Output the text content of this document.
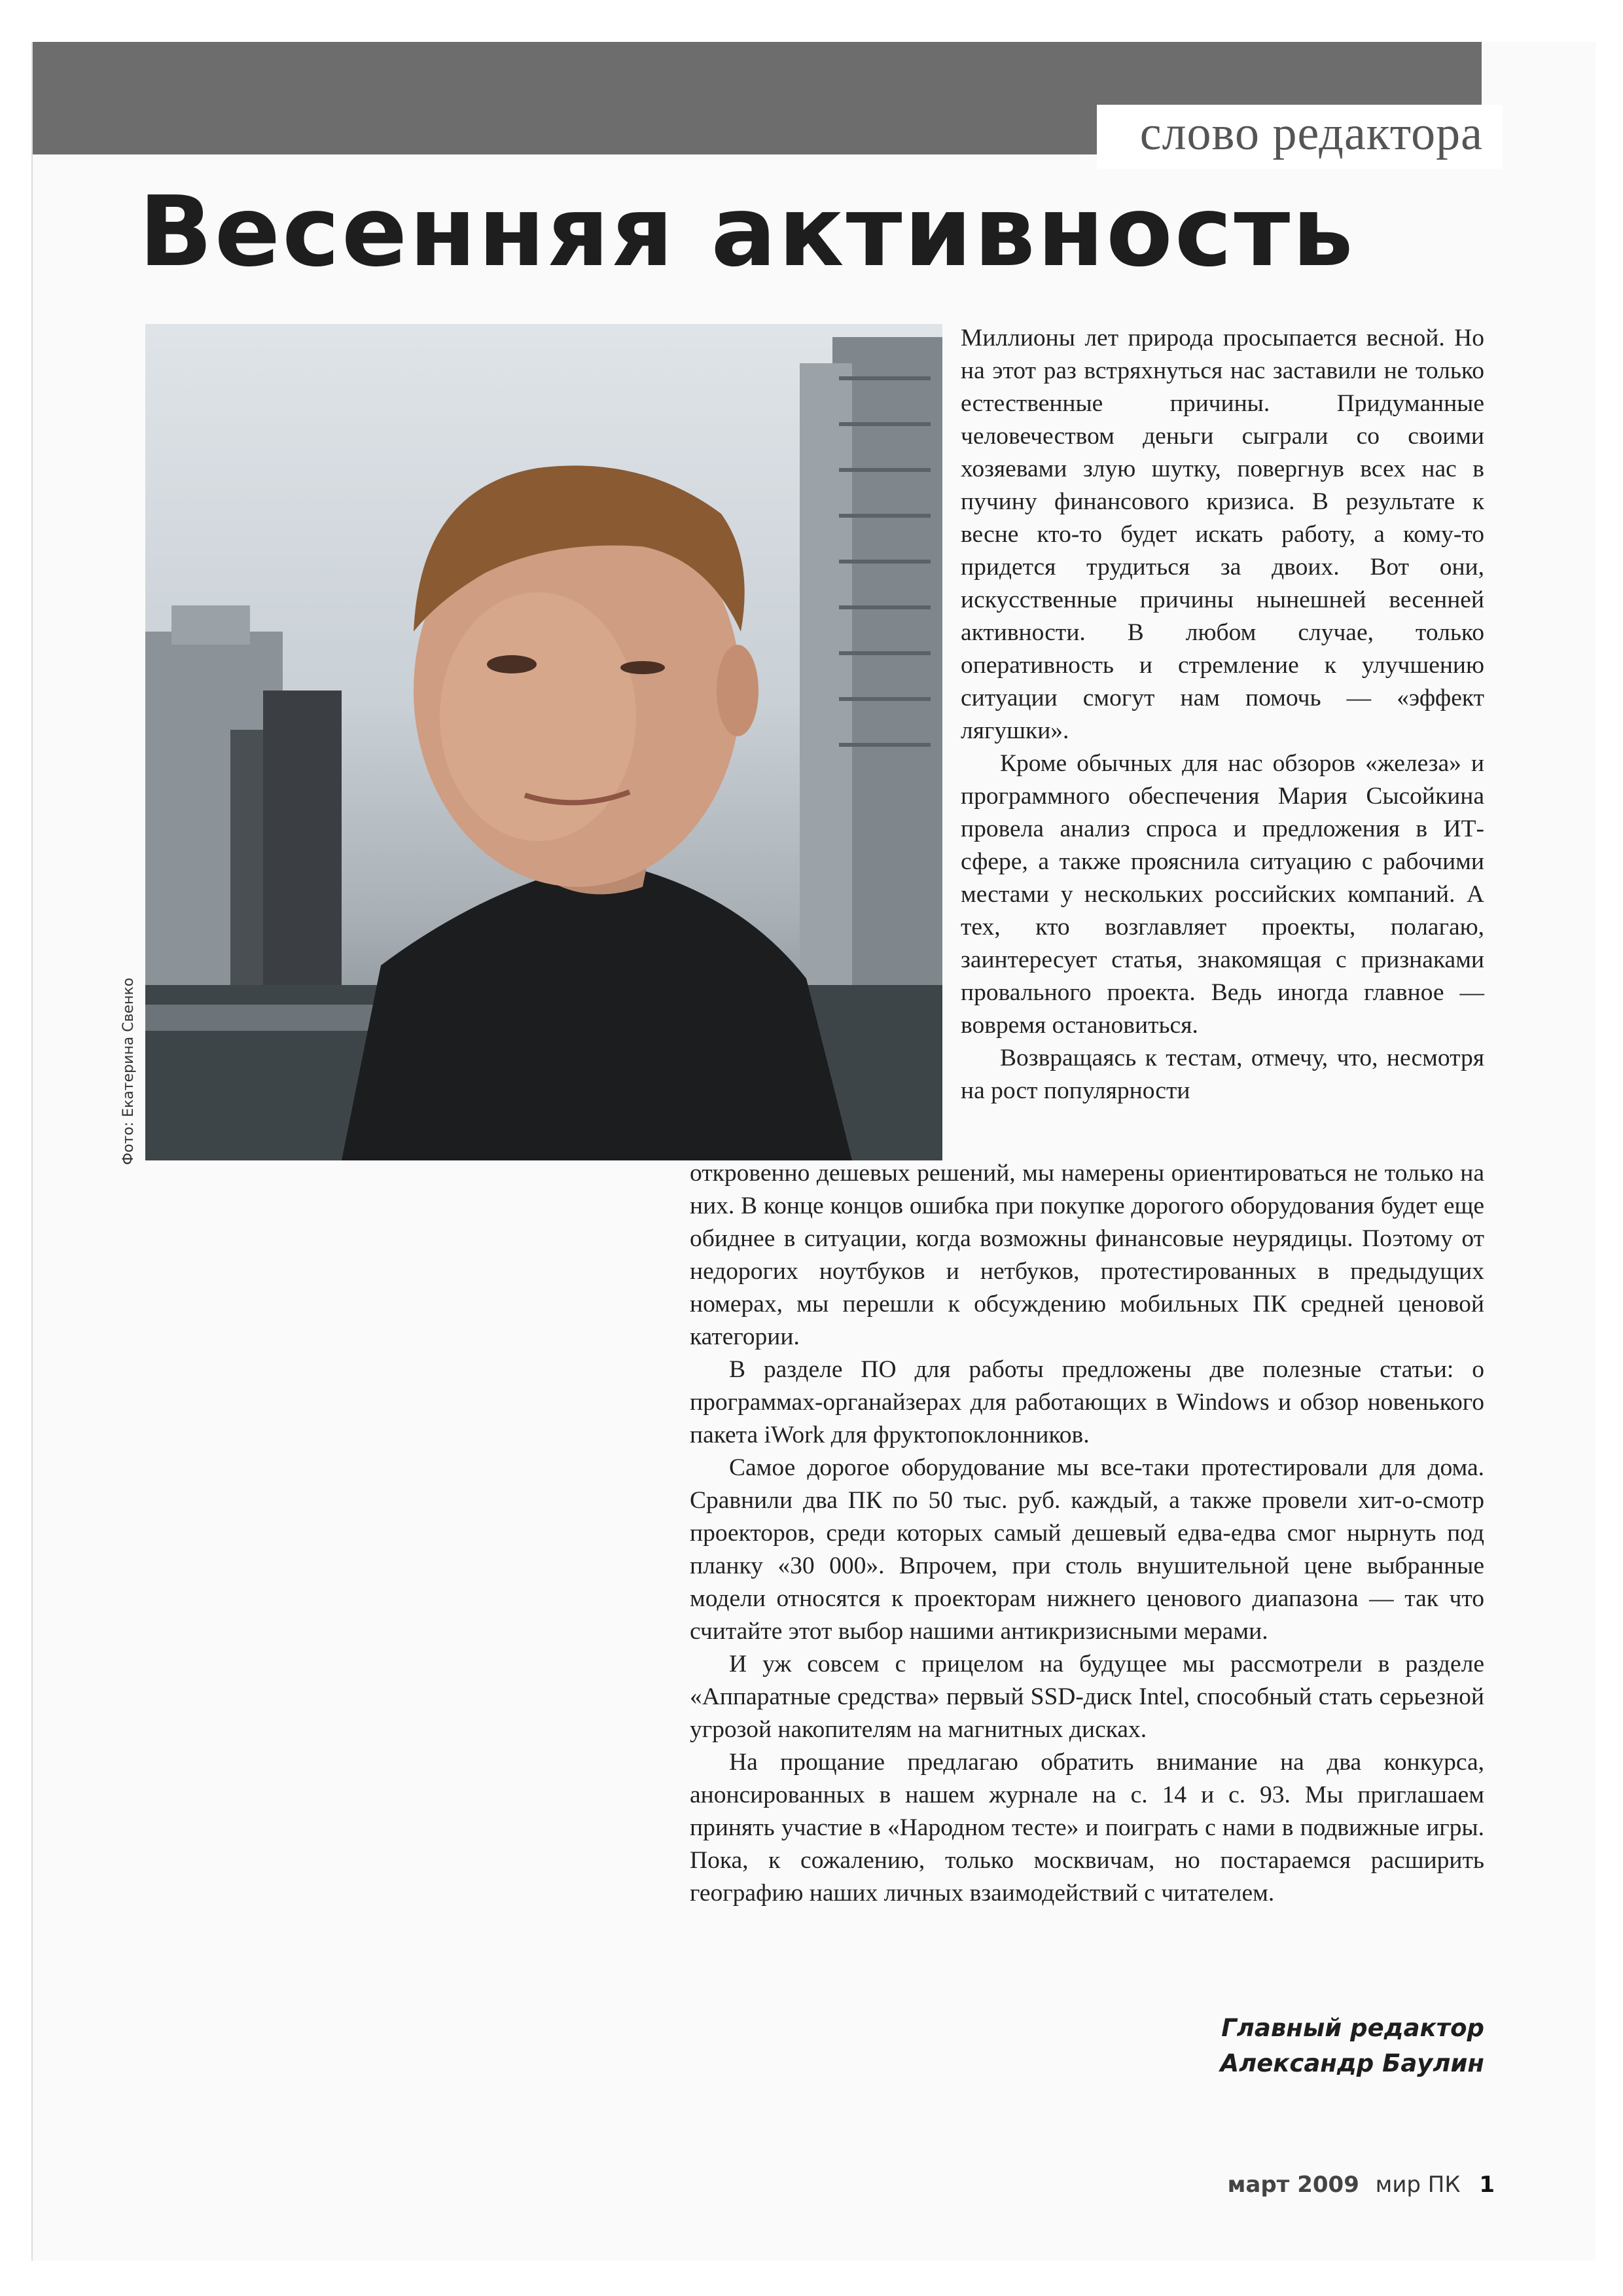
слово редактора
Весенняя активность
Фото: Екатерина Свенко
Миллионы лет природа просыпается весной. Но на этот раз встряхнуться нас заставили не только естественные причины. Придуманные человечеством деньги сыграли со своими хозяевами злую шутку, повергнув всех нас в пучину финансового кризиса. В результате к весне кто-то будет искать работу, а кому-то придется трудиться за двоих. Вот они, искусственные причины нынешней весенней активности. В любом случае, только оперативность и стремление к улучшению ситуации смогут нам помочь — «эффект лягушки».
Кроме обычных для нас обзоров «железа» и программного обеспечения Мария Сысойкина провела анализ спроса и предложения в ИТ-сфере, а также прояснила ситуацию с рабочими местами у нескольких российских компаний. А тех, кто возглавляет проекты, полагаю, заинтересует статья, знакомящая с признаками провального проекта. Ведь иногда главное — вовремя остановиться.
Возвращаясь к тестам, отмечу, что, несмотря на рост популярности
откровенно дешевых решений, мы намерены ориентироваться не только на них. В конце концов ошибка при покупке дорогого оборудования будет еще обиднее в ситуации, когда возможны финансовые неурядицы. Поэтому от недорогих ноутбуков и нетбуков, протестированных в предыдущих номерах, мы перешли к обсуждению мобильных ПК средней ценовой категории.
В разделе ПО для работы предложены две полезные статьи: о программах-органайзерах для работающих в Windows и обзор новенького пакета iWork для фруктопоклонников.
Самое дорогое оборудование мы все-таки протестировали для дома. Сравнили два ПК по 50 тыс. руб. каждый, а также провели хит-о-смотр проекторов, среди которых самый дешевый едва-едва смог нырнуть под планку «30 000». Впрочем, при столь внушительной цене выбранные модели относятся к проекторам нижнего ценового диапазона — так что считайте этот выбор нашими антикризисными мерами.
И уж совсем с прицелом на будущее мы рассмотрели в разделе «Аппаратные средства» первый SSD-диск Intel, способный стать серьезной угрозой накопителям на магнитных дисках.
На прощание предлагаю обратить внимание на два конкурса, анонсированных в нашем журнале на с. 14 и с. 93. Мы приглашаем принять участие в «Народном тесте» и поиграть с нами в подвижные игры. Пока, к сожалению, только москвичам, но постараемся расширить географию наших личных взаимодействий с читателем.
Главный редактор
Александр Баулин
март 2009 мир ПК 1
